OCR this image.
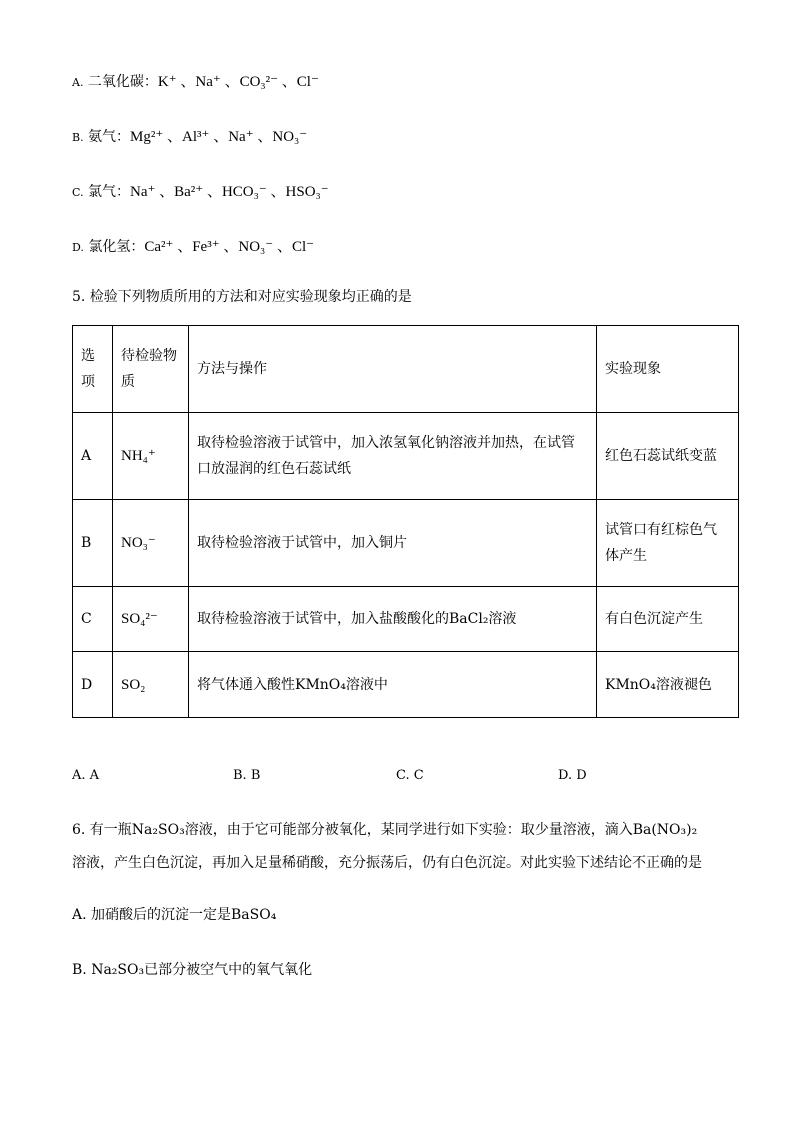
A. 二氧化碳：K⁺ 、Na⁺ 、CO₃²⁻ 、Cl⁻
B. 氨气：Mg²⁺ 、Al³⁺ 、Na⁺ 、NO₃⁻
C. 氯气：Na⁺ 、Ba²⁺ 、HCO₃⁻ 、HSO₃⁻
D. 氯化氢：Ca²⁺ 、Fe³⁺ 、NO₃⁻ 、Cl⁻
5. 检验下列物质所用的方法和对应实验现象均正确的是
选项	待检验物质	方法与操作	实验现象
A	NH₄⁺	取待检验溶液于试管中，加入浓氢氧化钠溶液并加热，在试管口放湿润的红色石蕊试纸	红色石蕊试纸变蓝
B	NO₃⁻	取待检验溶液于试管中，加入铜片	试管口有红棕色气体产生
C	SO₄²⁻	取待检验溶液于试管中，加入盐酸酸化的BaCl₂溶液	有白色沉淀产生
D	SO₂	将气体通入酸性KMnO₄溶液中	KMnO₄溶液褪色
A. A	B. B	C. C	D. D
6. 有一瓶Na₂SO₃溶液，由于它可能部分被氧化，某同学进行如下实验：取少量溶液，滴入Ba(NO₃)₂
溶液，产生白色沉淀，再加入足量稀硝酸，充分振荡后，仍有白色沉淀。对此实验下述结论不正确的是
A. 加硝酸后的沉淀一定是BaSO₄
B. Na₂SO₃已部分被空气中的氧气氧化
